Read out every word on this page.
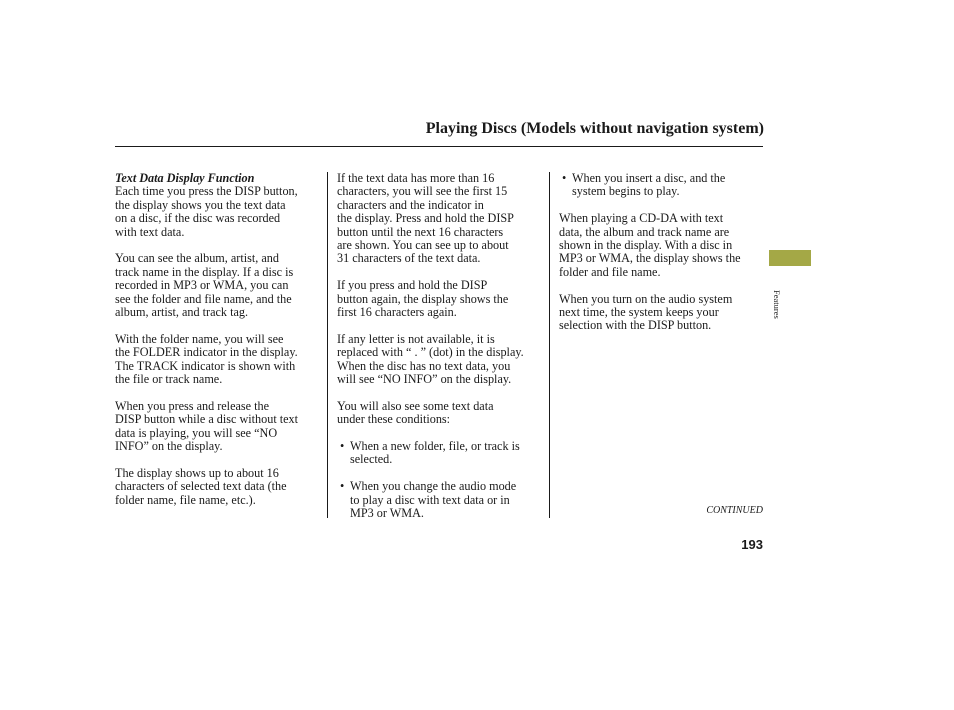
Playing Discs (Models without navigation system)

Text Data Display Function

Each time you press the DISP button,
the display shows you the text data
on a disc, if the disc was recorded
with text data.

You can see the album, artist, and
track name in the display. If a disc is
recorded in MP3 or WMA, you can
see the folder and file name, and the
album, artist, and track tag.

With the folder name, you will see
the FOLDER indicator in the display.
The TRACK indicator is shown with
the file or track name.

When you press and release the
DISP button while a disc without text
data is playing, you will see “NO
INFO” on the display.

The display shows up to about 16
characters of selected text data (the
folder name, file name, etc.).

If the text data has more than 16
characters, you will see the first 15
characters and the indicator in
the display. Press and hold the DISP
button until the next 16 characters
are shown. You can see up to about
31 characters of the text data.

If you press and hold the DISP
button again, the display shows the
first 16 characters again.

If any letter is not available, it is
replaced with “ . ” (dot) in the display.
When the disc has no text data, you
will see “NO INFO” on the display.

You will also see some text data
under these conditions:

• When a new folder, file, or track is
selected.

• When you change the audio mode
to play a disc with text data or in
MP3 or WMA.

• When you insert a disc, and the
system begins to play.

When playing a CD-DA with text
data, the album and track name are
shown in the display. With a disc in
MP3 or WMA, the display shows the
folder and file name.

When you turn on the audio system
next time, the system keeps your
selection with the DISP button.

Features
CONTINUED
193
